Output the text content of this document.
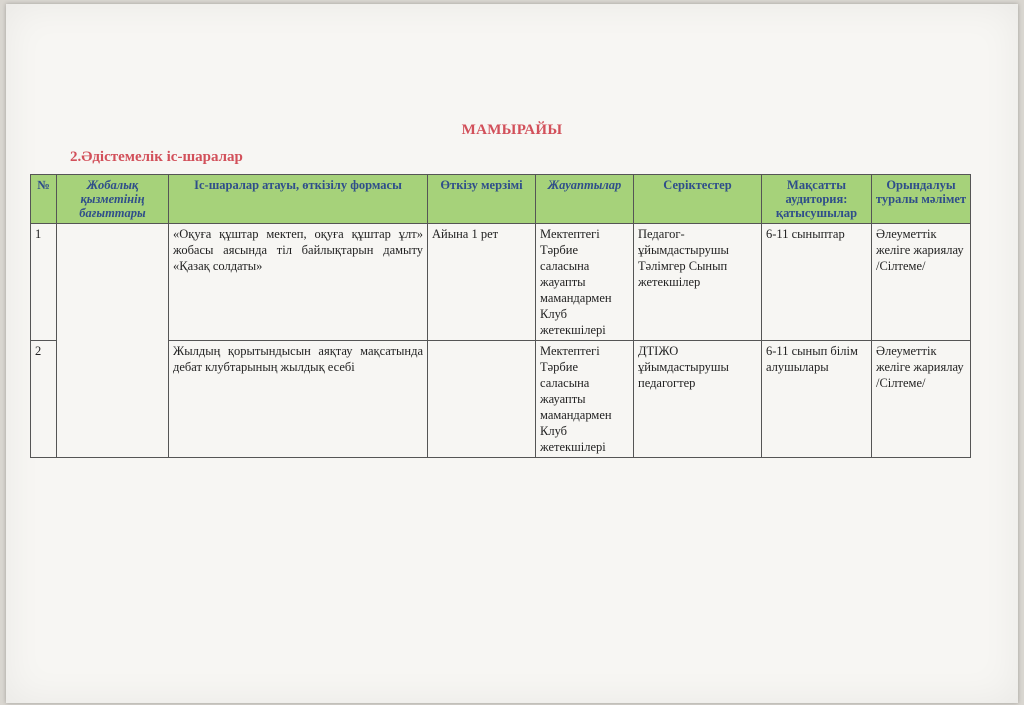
МАМЫРАЙЫ
2.Әдістемелік іс-шаралар
№	Жобалық қызметінің бағыттары	Іс-шаралар атауы, өткізілу формасы	Өткізу мерзімі	Жауаптылар	Серіктестер	Мақсатты аудитория: қатысушылар	Орындалуы туралы мәлімет
1		«Оқуға құштар мектеп, оқуға құштар ұлт» жобасы аясында тіл байлықтарын дамыту «Қазақ солдаты»	Айына 1 рет	Мектептегі Тәрбие саласына жауапты мамандармен Клуб жетекшілері	Педагог-ұйымдастырушы Тәлімгер Сынып жетекшілер	6-11 сыныптар	Әлеуметтік желіге жариялау /Сілтеме/
2		Жылдың қорытындысын аяқтау мақсатында дебат клубтарының жылдық есебі		Мектептегі Тәрбие саласына жауапты мамандармен Клуб жетекшілері	ДТІЖО ұйымдастырушы педагогтер	6-11 сынып білім алушылары	Әлеуметтік желіге жариялау /Сілтеме/
